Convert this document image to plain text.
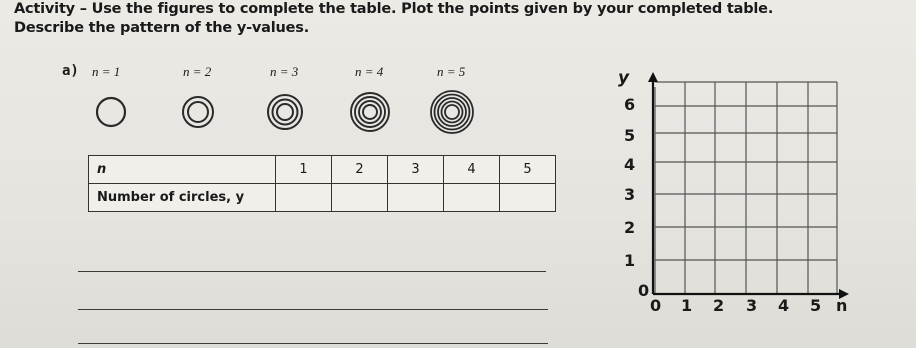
Activity – Use the figures to complete the table. Plot the points given by your completed table. Describe the pattern of the y-values.
a) n = 1	n = 2	n = 3	n = 4	n = 5
n	1	2	3	4	5
Number of circles, y					
y
6
5
4
3
2
1
0
0 1 2 3 4 5 n
